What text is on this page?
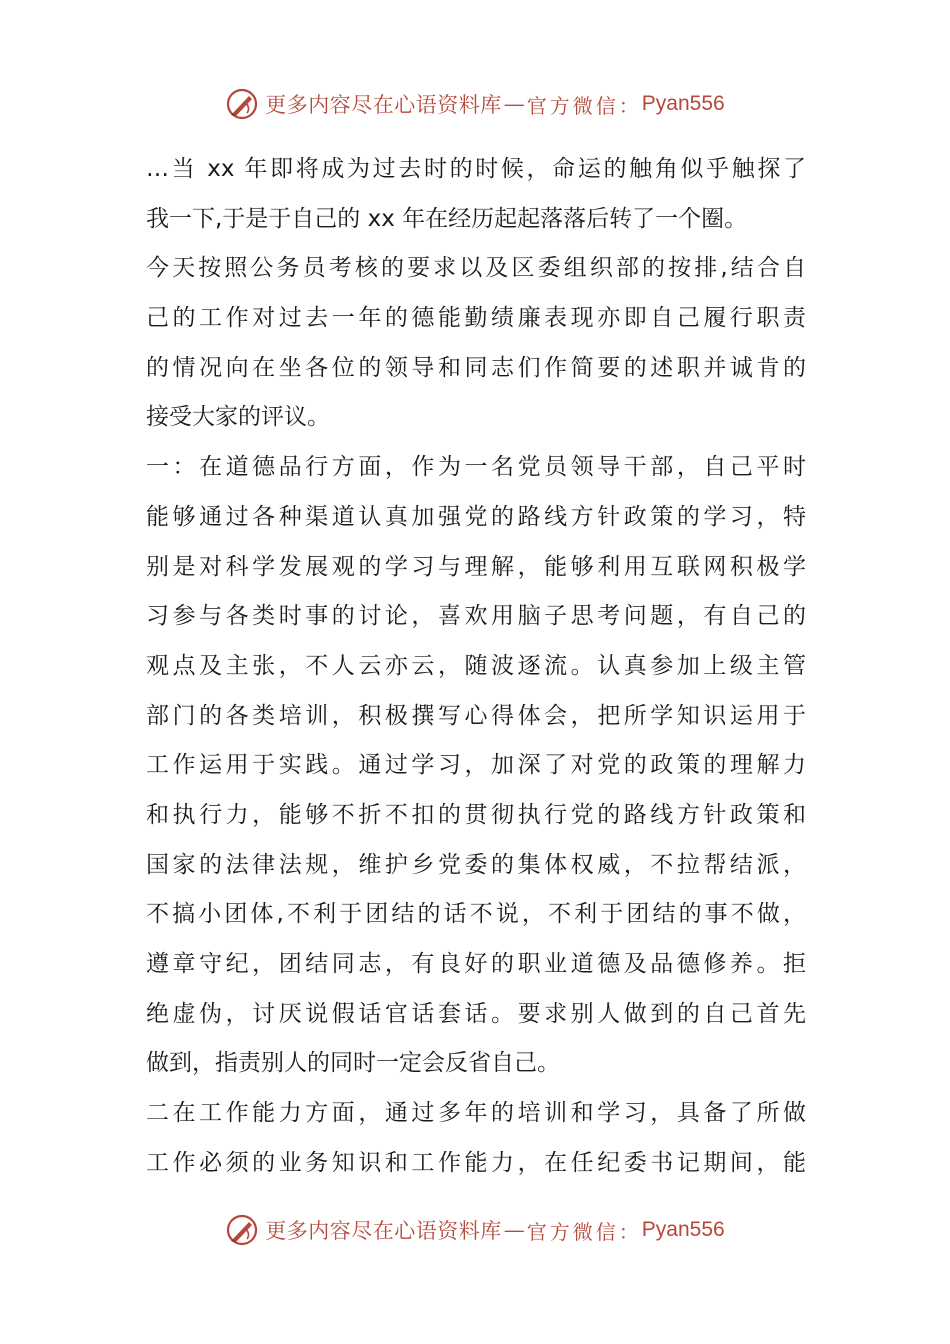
更多内容尽在心语资料库 — 官方微信： Pyan556
…当 xx 年即将成为过去时的时候，命运的触角似乎触探了
我一下,于是于自己的 xx 年在经历起起落落后转了一个圈。
今天按照公务员考核的要求以及区委组织部的按排,结合自
己的工作对过去一年的德能勤绩廉表现亦即自己履行职责
的情况向在坐各位的领导和同志们作简要的述职并诚肯的
接受大家的评议。
一：在道德品行方面，作为一名党员领导干部，自己平时
能够通过各种渠道认真加强党的路线方针政策的学习，特
别是对科学发展观的学习与理解，能够利用互联网积极学
习参与各类时事的讨论，喜欢用脑子思考问题，有自己的
观点及主张，不人云亦云，随波逐流。认真参加上级主管
部门的各类培训，积极撰写心得体会，把所学知识运用于
工作运用于实践。通过学习，加深了对党的政策的理解力
和执行力，能够不折不扣的贯彻执行党的路线方针政策和
国家的法律法规，维护乡党委的集体权威，不拉帮结派，
不搞小团体,不利于团结的话不说，不利于团结的事不做，
遵章守纪，团结同志，有良好的职业道德及品德修养。拒
绝虚伪，讨厌说假话官话套话。要求别人做到的自己首先
做到，指责别人的同时一定会反省自己。
二在工作能力方面，通过多年的培训和学习，具备了所做
工作必须的业务知识和工作能力，在任纪委书记期间，能
更多内容尽在心语资料库 — 官方微信： Pyan556
